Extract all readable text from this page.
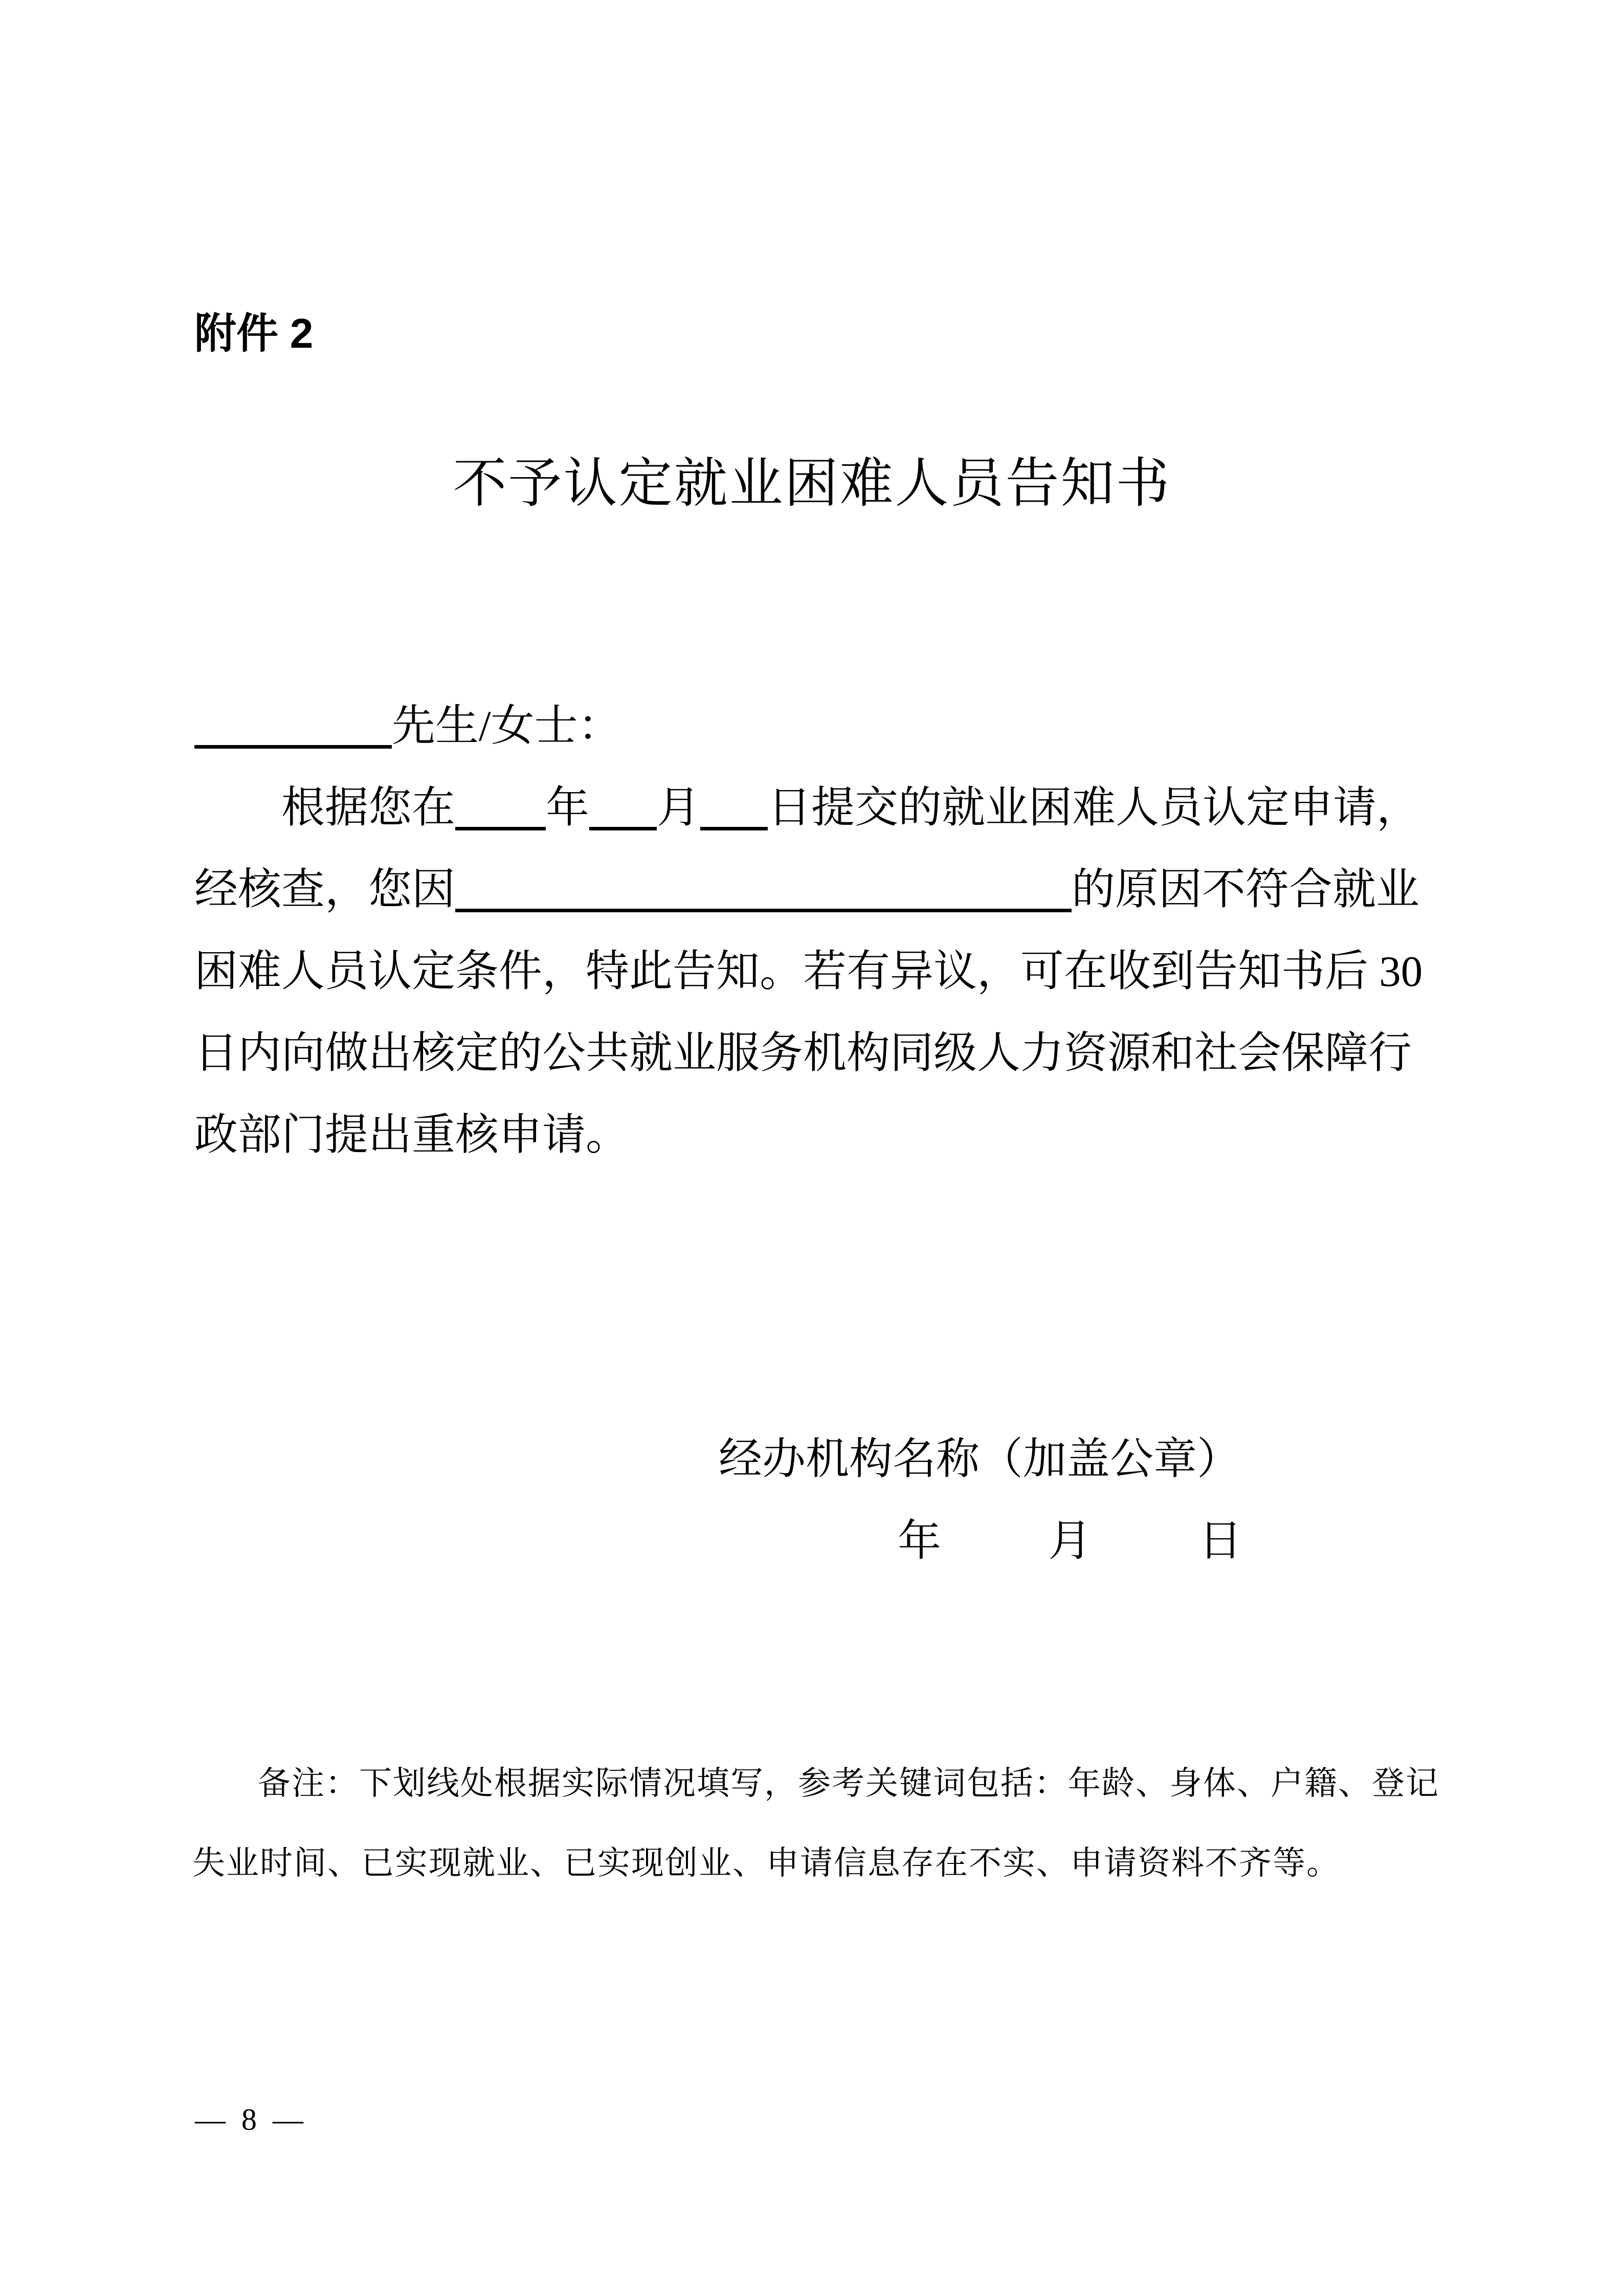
附件 2
不予认定就业困难人员告知书
先生/女士：
根据您在 年 月 日提交的就业困难人员认定申请，
经核查，您因	的原因不符合就业
困难人员认定条件，特此告知。若有异议，可在收到告知书后 30
日内向做出核定的公共就业服务机构同级人力资源和社会保障行
政部门提出重核申请。
经办机构名称（加盖公章）
年 月 日
备注：下划线处根据实际情况填写，参考关键词包括：年龄、身体、户籍、登记
失业时间、已实现就业、已实现创业、申请信息存在不实、申请资料不齐等。
— 8 —
